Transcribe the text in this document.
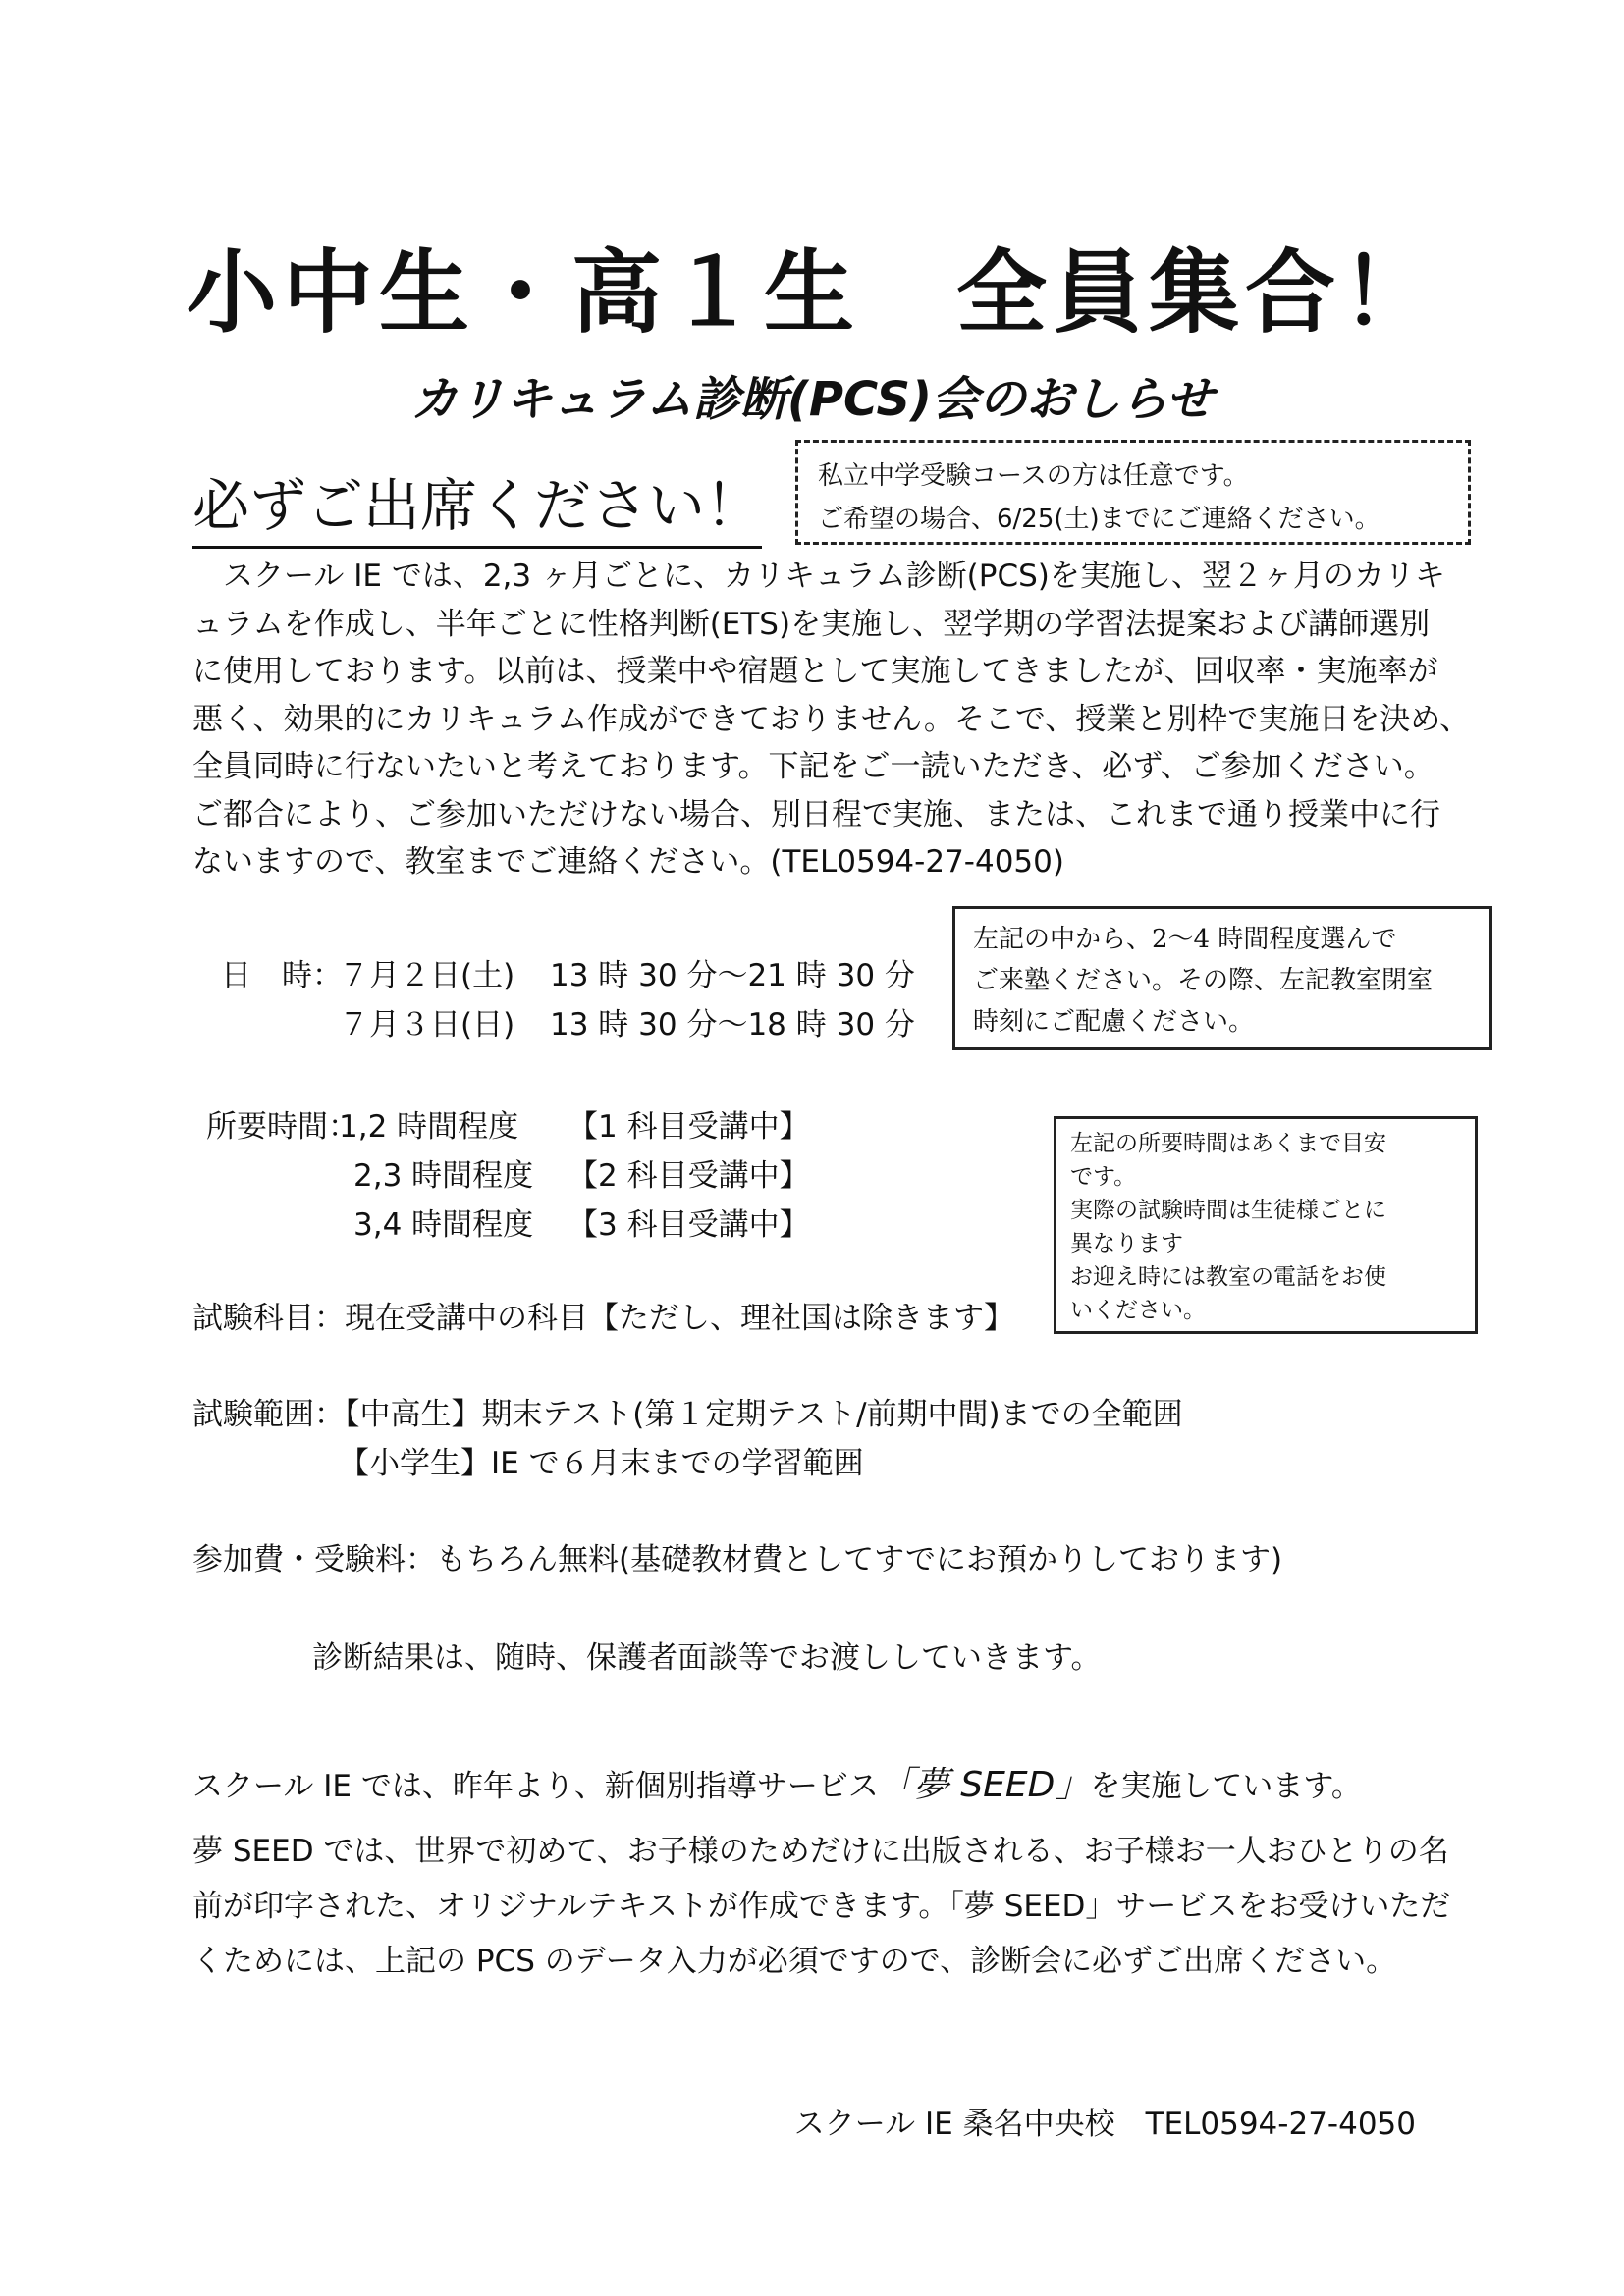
小中生・高１生　全員集合！
カリキュラム診断(PCS)会のおしらせ
必ずご出席ください！ 私立中学受験コースの方は任意です。
ご希望の場合、6/25(土)までにご連絡ください。
スクール IE では、2,3 ヶ月ごとに、カリキュラム診断(PCS)を実施し、翌２ヶ月のカリキ
ュラムを作成し、半年ごとに性格判断(ETS)を実施し、翌学期の学習法提案および講師選別
に使用しております。以前は、授業中や宿題として実施してきましたが、回収率・実施率が
悪く、効果的にカリキュラム作成ができておりません。そこで、授業と別枠で実施日を決め、
全員同時に行ないたいと考えております。下記をご一読いただき、必ず、ご参加ください。
ご都合により、ご参加いただけない場合、別日程で実施、または、これまで通り授業中に行
ないますので、教室までご連絡ください。(TEL0594-27-4050)
日　時：
７月２日(土) 13 時 30 分～21 時 30 分
７月３日(日) 13 時 30 分～18 時 30 分
左記の中から、2～4 時間程度選んで
ご来塾ください。その際、左記教室閉室
時刻にご配慮ください。
所要時間：
1,2 時間程度 【1 科目受講中】
2,3 時間程度 【2 科目受講中】
3,4 時間程度 【3 科目受講中】
左記の所要時間はあくまで目安
です。
実際の試験時間は生徒様ごとに
異なります
お迎え時には教室の電話をお使
いください。
試験科目：現在受講中の科目【ただし、理社国は除きます】
試験範囲：【中高生】期末テスト(第１定期テスト/前期中間)までの全範囲
【小学生】IE で６月末までの学習範囲
参加費・受験料：もちろん無料(基礎教材費としてすでにお預かりしております)
診断結果は、随時、保護者面談等でお渡ししていきます。
スクール IE では、昨年より、新個別指導サービス「夢 SEED」を実施しています。
夢 SEED では、世界で初めて、お子様のためだけに出版される、お子様お一人おひとりの名
前が印字された、オリジナルテキストが作成できます。「夢 SEED」サービスをお受けいただ
くためには、上記の PCS のデータ入力が必須ですので、診断会に必ずご出席ください。
スクール IE 桑名中央校　TEL0594-27-4050
